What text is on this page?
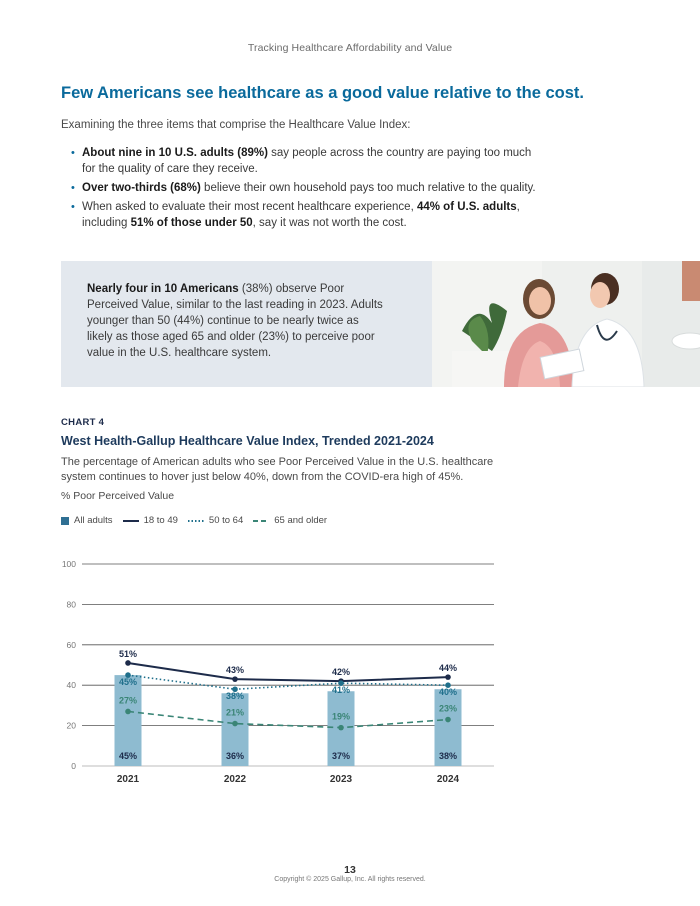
Tracking Healthcare Affordability and Value
Few Americans see healthcare as a good value relative to the cost.
Examining the three items that comprise the Healthcare Value Index:
• About nine in 10 U.S. adults (89%) say people across the country are paying too much for the quality of care they receive.
• Over two-thirds (68%) believe their own household pays too much relative to the quality.
• When asked to evaluate their most recent healthcare experience, 44% of U.S. adults, including 51% of those under 50, say it was not worth the cost.
Nearly four in 10 Americans (38%) observe Poor Perceived Value, similar to the last reading in 2023. Adults younger than 50 (44%) continue to be nearly twice as likely as those aged 65 and older (23%) to perceive poor value in the U.S. healthcare system.
CHART 4
West Health-Gallup Healthcare Value Index, Trended 2021-2024
The percentage of American adults who see Poor Perceived Value in the U.S. healthcare system continues to hover just below 40%, down from the COVID-era high of 45%.
% Poor Perceived Value
All adults	18 to 49	50 to 64	65 and older
0
20
40
60
80
100
2021	2022	2023	2024
45%	36%	37%	38%
51%
43%	42%	44%
45%
38%
41%	40%
27%
21%	19%
23%
13
Copyright © 2025 Gallup, Inc. All rights reserved.
